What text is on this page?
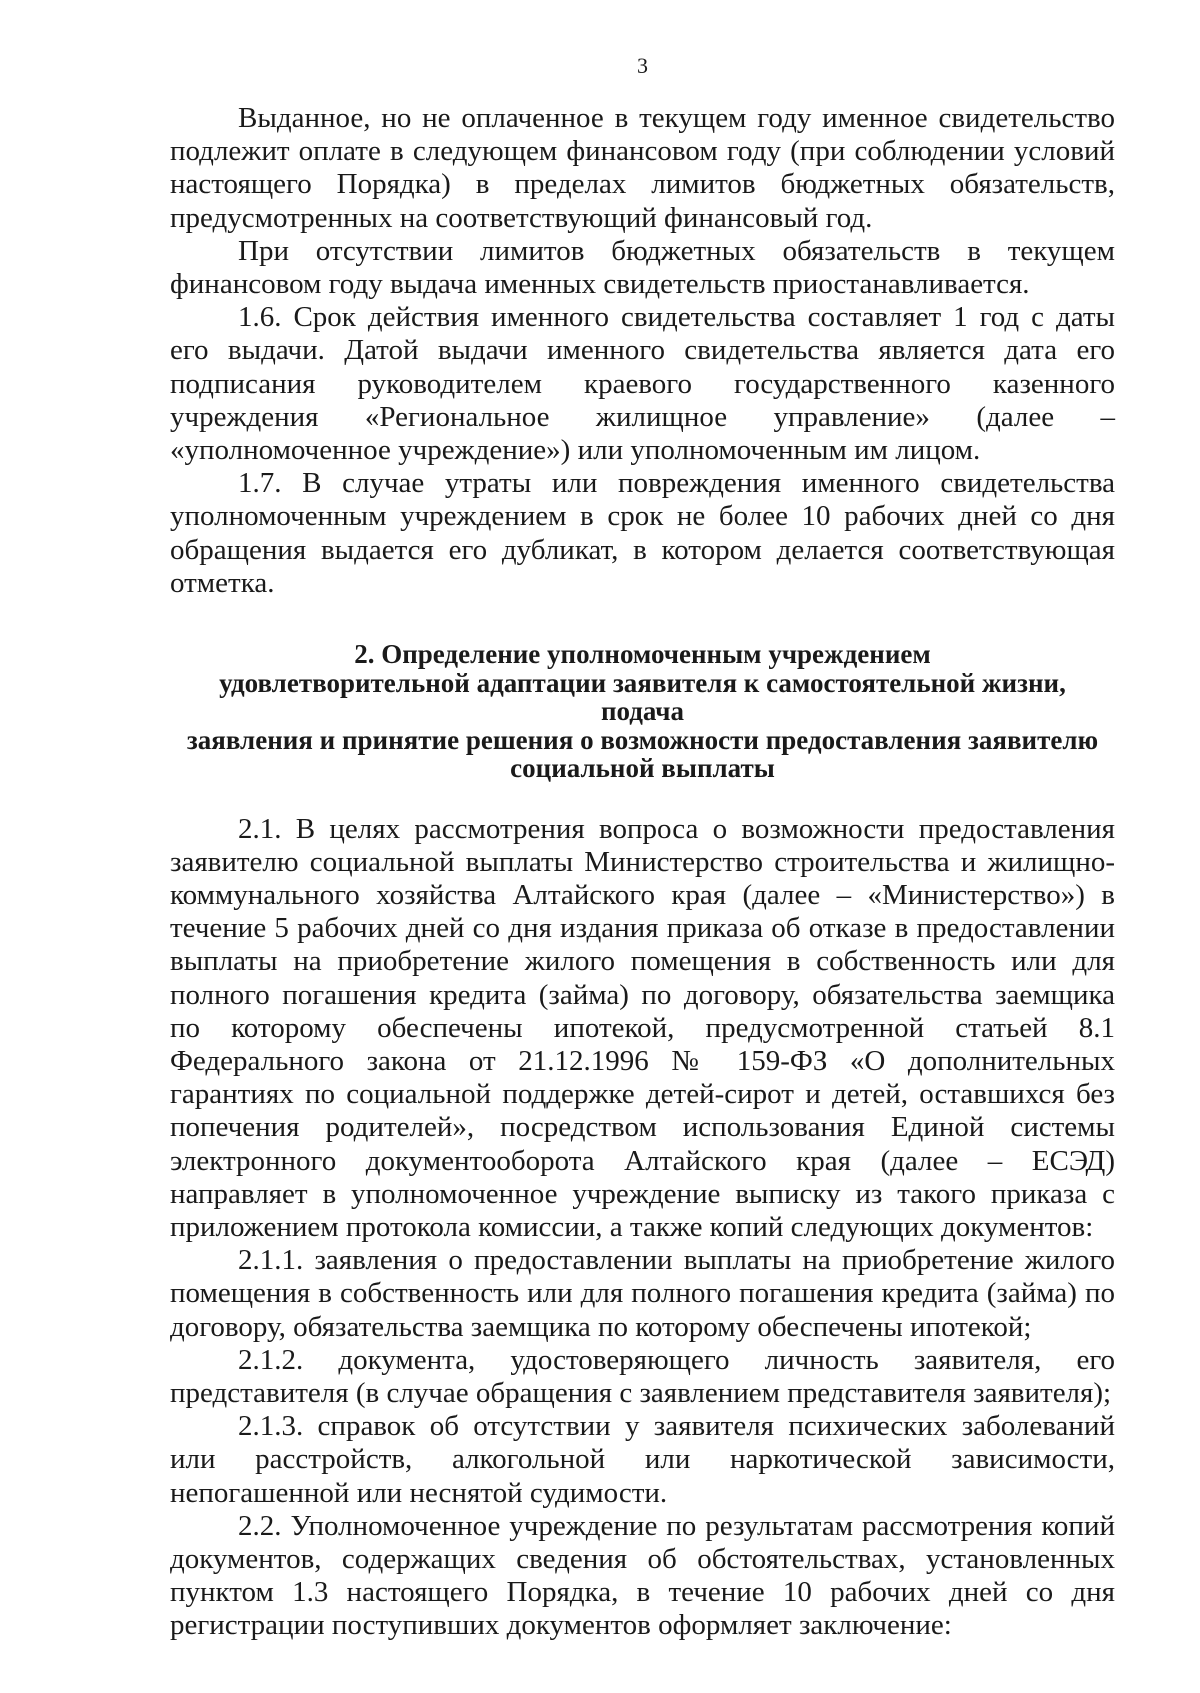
3

Выданное, но не оплаченное в текущем году именное свидетельство подлежит оплате в следующем финансовом году (при соблюдении условий настоящего Порядка) в пределах лимитов бюджетных обязательств, предусмотренных на соответствующий финансовый год.

При отсутствии лимитов бюджетных обязательств в текущем финансовом году выдача именных свидетельств приостанавливается.

1.6. Срок действия именного свидетельства составляет 1 год с даты его выдачи. Датой выдачи именного свидетельства является дата его подписания руководителем краевого государственного казенного учреждения «Региональное жилищное управление» (далее – «уполномоченное учреждение») или уполномоченным им лицом.

1.7. В случае утраты или повреждения именного свидетельства уполномоченным учреждением в срок не более 10 рабочих дней со дня обращения выдается его дубликат, в котором делается соответствующая отметка.

2. Определение уполномоченным учреждением
удовлетворительной адаптации заявителя к самостоятельной жизни, подача
заявления и принятие решения о возможности предоставления заявителю
социальной выплаты

2.1. В целях рассмотрения вопроса о возможности предоставления заявителю социальной выплаты Министерство строительства и жилищно-коммунального хозяйства Алтайского края (далее – «Министерство») в течение 5 рабочих дней со дня издания приказа об отказе в предоставлении выплаты на приобретение жилого помещения в собственность или для полного погашения кредита (займа) по договору, обязательства заемщика по которому обеспечены ипотекой, предусмотренной статьей 8.1 Федерального закона от 21.12.1996 № 159-ФЗ «О дополнительных гарантиях по социальной поддержке детей-сирот и детей, оставшихся без попечения родителей», посредством использования Единой системы электронного документооборота Алтайского края (далее – ЕСЭД) направляет в уполномоченное учреждение выписку из такого приказа с приложением протокола комиссии, а также копий следующих документов:

2.1.1. заявления о предоставлении выплаты на приобретение жилого помещения в собственность или для полного погашения кредита (займа) по договору, обязательства заемщика по которому обеспечены ипотекой;

2.1.2. документа, удостоверяющего личность заявителя, его представителя (в случае обращения с заявлением представителя заявителя);

2.1.3. справок об отсутствии у заявителя психических заболеваний или расстройств, алкогольной или наркотической зависимости, непогашенной или неснятой судимости.

2.2. Уполномоченное учреждение по результатам рассмотрения копий документов, содержащих сведения об обстоятельствах, установленных пунктом 1.3 настоящего Порядка, в течение 10 рабочих дней со дня регистрации поступивших документов оформляет заключение:
